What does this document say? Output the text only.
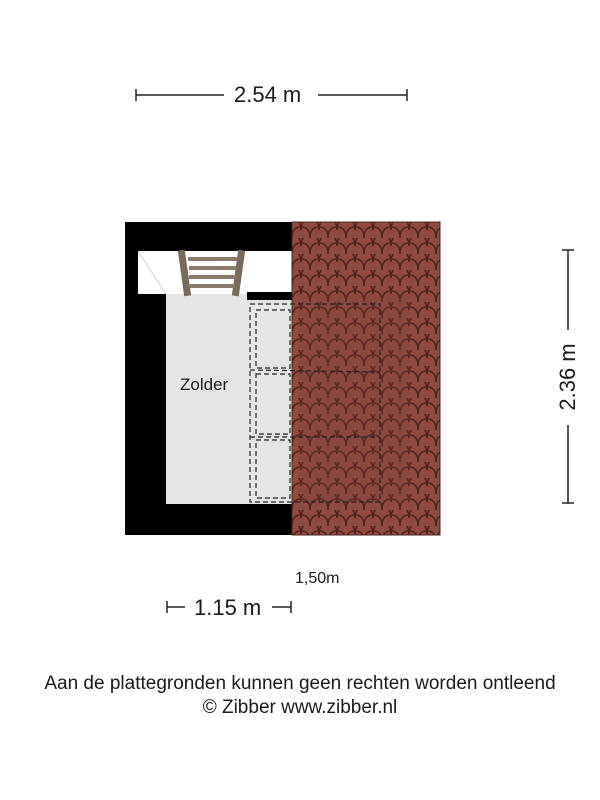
2.54 m
2.36 m
1.15 m
1,50m
Zolder
Aan de plattegronden kunnen geen rechten worden ontleend
© Zibber www.zibber.nl
